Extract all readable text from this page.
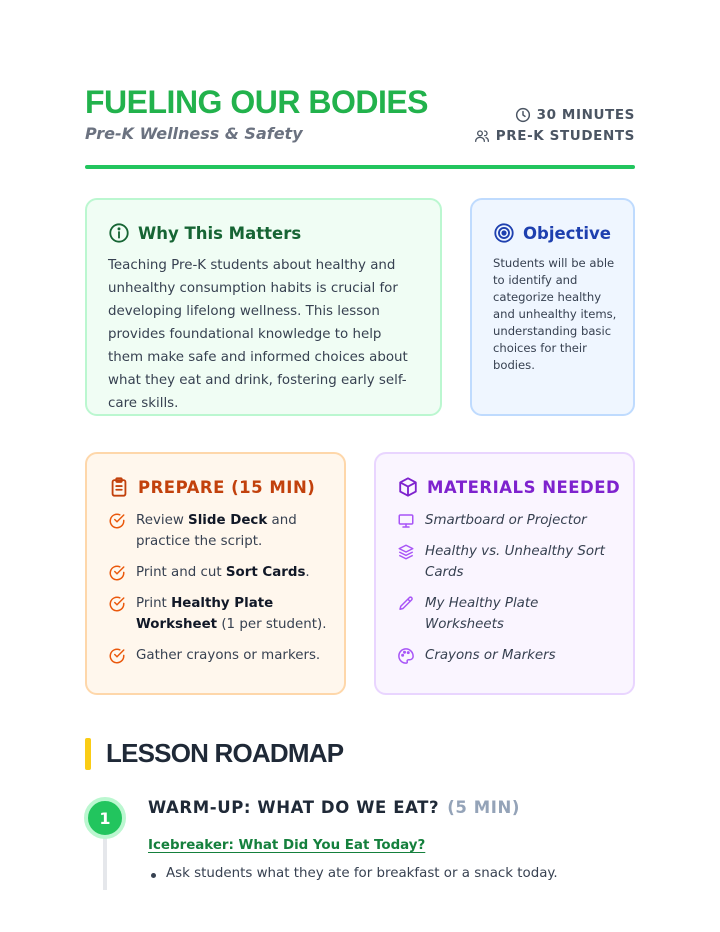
FUELING OUR BODIES
Pre-K Wellness & Safety
30 MINUTES
PRE-K STUDENTS
Why This Matters

Teaching Pre-K students about healthy and unhealthy consumption habits is crucial for developing lifelong wellness. This lesson provides foundational knowledge to help them make safe and informed choices about what they eat and drink, fostering early self-care skills.

Objective

Students will be able to identify and categorize healthy and unhealthy items, understanding basic choices for their bodies.

PREPARE (15 MIN)
Review Slide Deck and practice the script.
Print and cut Sort Cards.
Print Healthy Plate Worksheet (1 per student).
Gather crayons or markers.
MATERIALS NEEDED
Smartboard or Projector
Healthy vs. Unhealthy Sort Cards
My Healthy Plate Worksheets
Crayons or Markers
LESSON ROADMAP
1
WARM-UP: WHAT DO WE EAT? (5 MIN)
Icebreaker: What Did You Eat Today?
Ask students what they ate for breakfast or a snack today.
